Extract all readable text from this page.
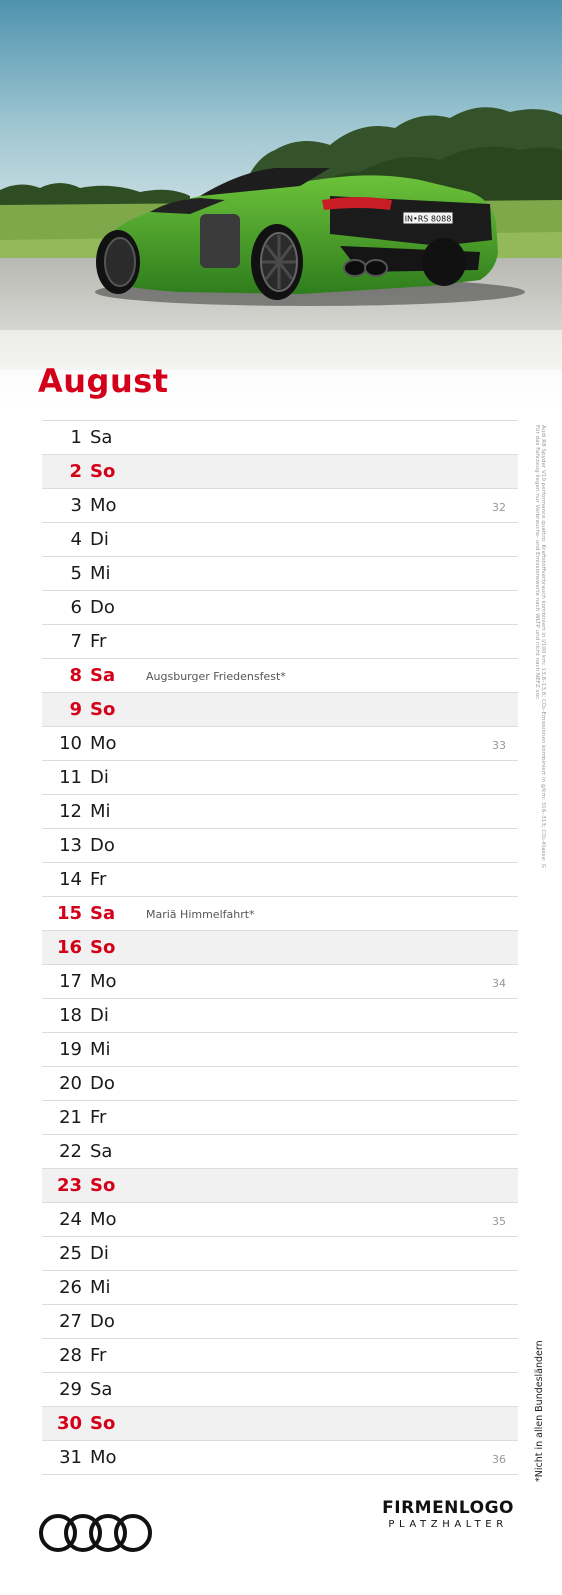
IN•RS 8088
August
1 Sa
2 So
3 Mo	32
4 Di
5 Mi
6 Do
7 Fr
8 Sa	Augsburger Friedensfest*
9 So
10 Mo	33
11 Di
12 Mi
13 Do
14 Fr
15 Sa	Mariä Himmelfahrt*
16 So
17 Mo	34
18 Di
19 Mi
20 Do
21 Fr
22 Sa
23 So
24 Mo	35
25 Di
26 Mi
27 Do
28 Fr
29 Sa
30 So
31 Mo	36
Audi R8 Spyder V10 performance quattro: Kraftstoffverbrauch kombiniert in l/100 km: 13,8–13,8; CO₂-Emissionen kombiniert in g/km: 316–313; CO₂-Klasse: G
Für das Fahrzeug liegen nur Verbrauchs- und Emissionswerte nach WLTP und nicht nach NEFZ vor.
*Nicht in allen Bundesländern
FIRMENLOGO
PLATZHALTER
